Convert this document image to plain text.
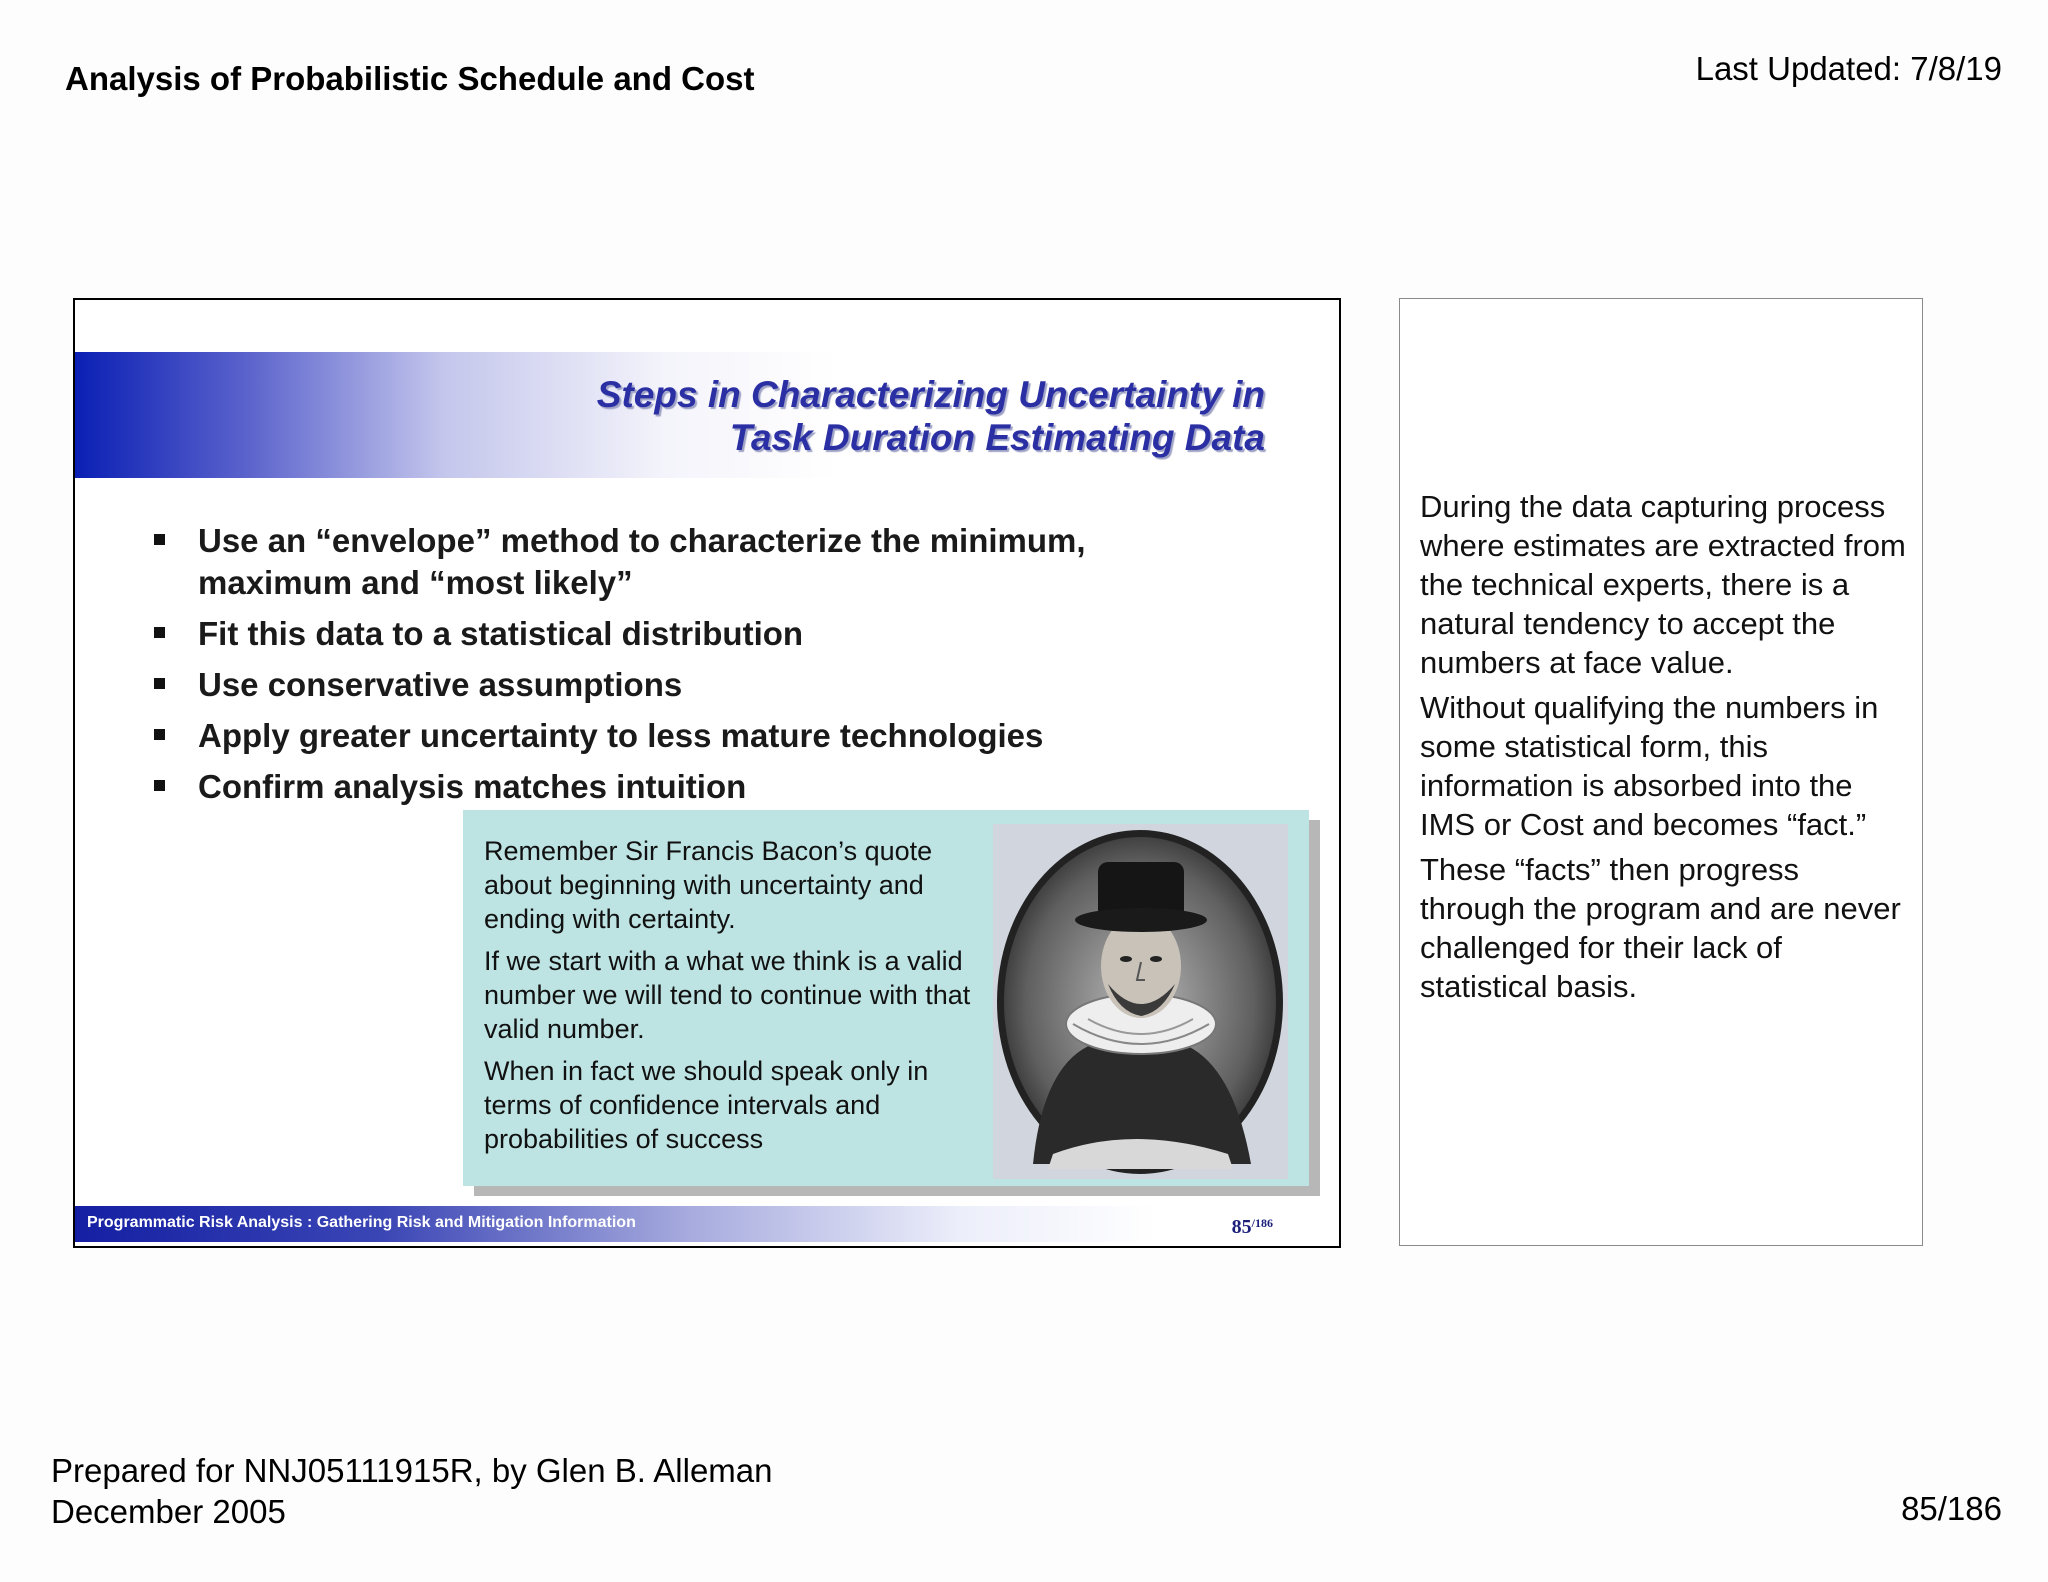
Analysis of Probabilistic Schedule and Cost	Last Updated: 7/8/19
Steps in Characterizing Uncertainty in
Task Duration Estimating Data
Use an “envelope” method to characterize the minimum, maximum and “most likely”
Fit this data to a statistical distribution
Use conservative assumptions
Apply greater uncertainty to less mature technologies
Confirm analysis matches intuition

Remember Sir Francis Bacon’s quote about beginning with uncertainty and ending with certainty.

If we start with a what we think is a valid number we will tend to continue with that valid number.

When in fact we should speak only in terms of confidence intervals and probabilities of success

Programmatic Risk Analysis : Gathering Risk and Mitigation Information	$85^{/186}$

During the data capturing process where estimates are extracted from the technical experts, there is a natural tendency to accept the numbers at face value.

Without qualifying the numbers in some statistical form, this information is absorbed into the IMS or Cost and becomes “fact.”

These “facts” then progress through the program and are never challenged for their lack of statistical basis.

Prepared for NNJ05111915R, by Glen B. Alleman
December 2005	85/186
